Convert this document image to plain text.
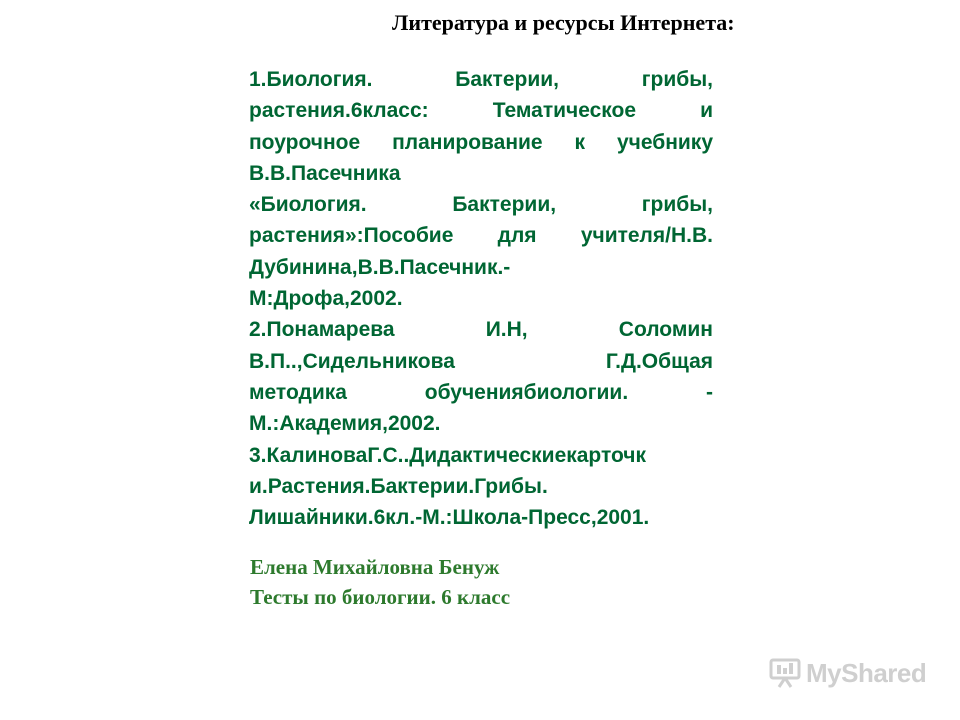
Литература и ресурсы Интернета:
1.Биология. Бактерии, грибы,
растения.6класс: Тематическое и
поурочное планирование к учебнику
В.В.Пасечника
«Биология. Бактерии, грибы,
растения»:Пособие для учителя/Н.В.
Дубинина,В.В.Пасечник.-
М:Дрофа,2002.
2.Понамарева И.Н, Соломин
В.П..,Сидельникова Г.Д.Общая
методика обучениябиологии. -
М.:Академия,2002.
3.КалиноваГ.С..Дидактическиекарточк
и.Растения.Бактерии.Грибы.
Лишайники.6кл.-М.:Школа-Пресс,2001.
Елена Михайловна Бенуж
Тесты по биологии. 6 класс
MyShared
